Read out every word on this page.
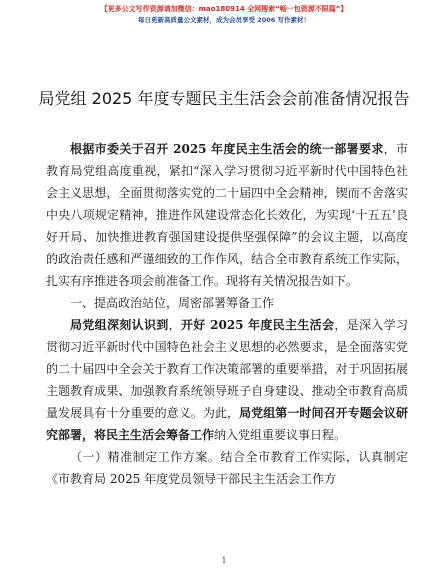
【更多公文写作资源请加微信：mao180914 全网搜索“畅一包资源不限篇”】
每日更新高质量公文素材，成为会员享受 2006 写作素材！
局党组 2025 年度专题民主生活会会前准备情况报告

根据市委关于召开 2025 年度民主生活会的统一部署要求，市教育局党组高度重视，紧扣“深入学习贯彻习近平新时代中国特色社会主义思想，全面贯彻落实党的二十届四中全会精神，锲而不舍落实中央八项规定精神，推进作风建设常态化长效化，为实现‘十五五’良好开局、加快推进教育强国建设提供坚强保障”的会议主题，以高度的政治责任感和严谨细致的工作作风，结合全市教育系统工作实际，扎实有序推进各项会前准备工作。现将有关情况报告如下。

一、提高政治站位，周密部署筹备工作

局党组深刻认识到，开好 2025 年度民主生活会，是深入学习贯彻习近平新时代中国特色社会主义思想的必然要求，是全面落实党的二十届四中全会关于教育工作决策部署的重要举措，对于巩固拓展主题教育成果、加强教育系统领导班子自身建设、推动全市教育高质量发展具有十分重要的意义。为此，局党组第一时间召开专题会议研究部署，将民主生活会筹备工作纳入党组重要议事日程。

（一）精准制定工作方案。结合全市教育工作实际，认真制定《市教育局 2025 年度党员领导干部民主生活会工作方

1
